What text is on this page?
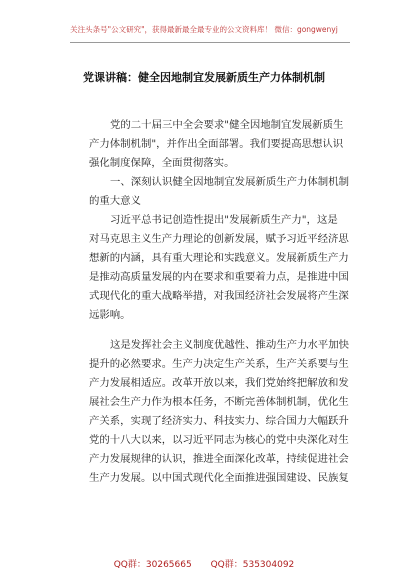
关注头条号"公文研究"，获得最新最全最专业的公文资料库！ 微信：gongwenyj
党课讲稿：健全因地制宜发展新质生产力体制机制
党的二十届三中全会要求"健全因地制宜发展新质生
产力体制机制"，并作出全面部署。我们要提高思想认识
强化制度保障，全面贯彻落实。
一、深刻认识健全因地制宜发展新质生产力体制机制
的重大意义
习近平总书记创造性提出"发展新质生产力"，这是
对马克思主义生产力理论的创新发展，赋予习近平经济思
想新的内涵，具有重大理论和实践意义。发展新质生产力
是推动高质量发展的内在要求和重要着力点，是推进中国
式现代化的重大战略举措，对我国经济社会发展将产生深
远影响。
这是发挥社会主义制度优越性、推动生产力水平加快
提升的必然要求。生产力决定生产关系，生产关系要与生
产力发展相适应。改革开放以来，我们党始终把解放和发
展社会生产力作为根本任务，不断完善体制机制，优化生
产关系，实现了经济实力、科技实力、综合国力大幅跃升
党的十八大以来，以习近平同志为核心的党中央深化对生
产力发展规律的认识，推进全面深化改革，持续促进社会
生产力发展。以中国式现代化全面推进强国建设、民族复
QQ群：30265665 QQ群：535304092
